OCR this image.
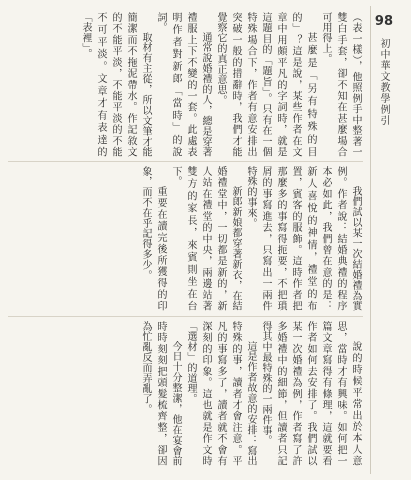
98
初中華文教學例引

（表一樣），他照例手中整著一雙白手套，卻不知在甚麼場合可用得上。

甚麼是「另有特殊的目的」？這是說，某些作者在文章中用頗平凡的字詞時，就是這題目的「題旨」。只有在一個特殊場合下，作者有意安排出突破一般的措辭時，我們才能覺察它的真正意思。

通常說婚禮的人，總是穿著禮服上下不變的一套。此處表明作者對新郎「當時」的說詞。

取材有主從，所以文筆才能簡潔而不拖泥帶水。作記敘文的不能平淡，不能平淡的不能不可平淡。文章才有表達的「表裡」。

我們試以某一次結婚禮為實例。作者說：結婚典禮的程序本必如此，我們曾在意的是：新人喜悅的神情，禮堂的布置，賓客的服飾。這時作者把那麼多的事寫得扼要，不把瑣屑的事寫進去，只寫出一兩件特殊的事來。

新郎新娘都穿著新衣，在結婚禮堂中，一切都是新的，新人站在禮堂的中央，兩邊站著雙方的家長，來賓則坐在台下。

重要在讀完後所獲得的印象，而不在乎記得多少。

說的時候平常出於本人意思，當時才有興味。如何把一篇文章寫得有條理，這就要看作者如何去安排了。我們試以某一次婚禮為例，作者寫了許多婚禮中的細節，但讀者只記得其中最特殊的一兩件事。

這是作者故意的安排：寫出特殊的事，讀者才會注意。平凡的事寫多了，讀者就不會有深刻的印象。這也就是作文時「選材」的道理。

今日十分整潔，他在宴會前時時刻刻把頭髮梳齊整，卻因為忙亂反而弄亂了。
